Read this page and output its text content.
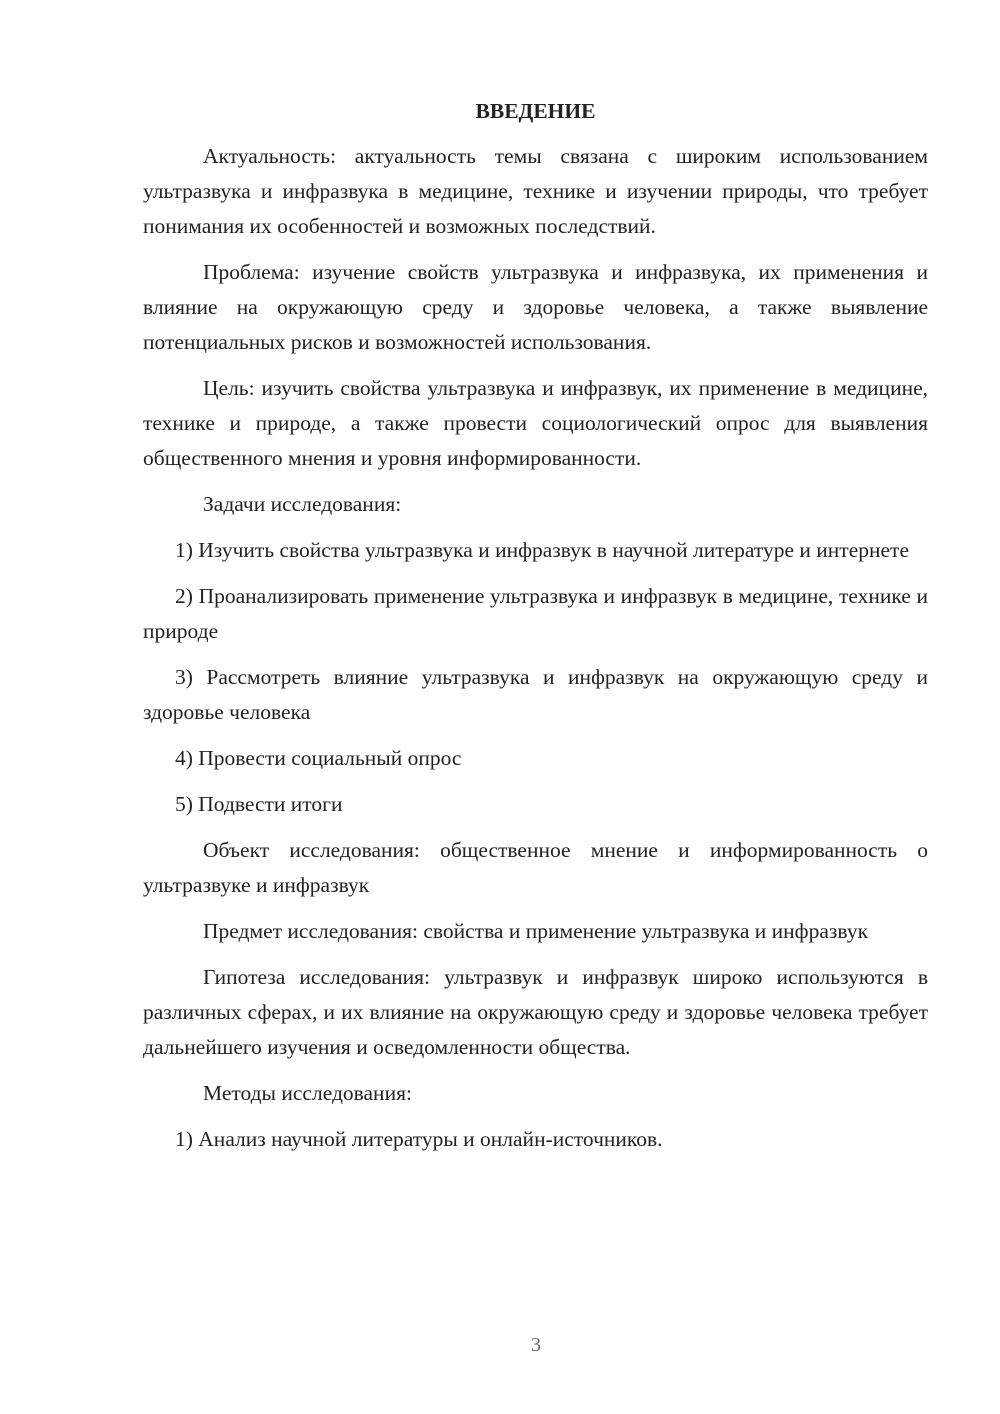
ВВЕДЕНИЕ

Актуальность: актуальность темы связана с широким использованием ультразвука и инфразвука в медицине, технике и изучении природы, что требует понимания их особенностей и возможных последствий.

Проблема: изучение свойств ультразвука и инфразвука, их применения и влияние на окружающую среду и здоровье человека, а также выявление потенциальных рисков и возможностей использования.

Цель: изучить свойства ультразвука и инфразвук, их применение в медицине, технике и природе, а также провести социологический опрос для выявления общественного мнения и уровня информированности.

Задачи исследования:

1) Изучить свойства ультразвука и инфразвук в научной литературе и интернете

2) Проанализировать применение ультразвука и инфразвук в медицине, технике и природе

3) Рассмотреть влияние ультразвука и инфразвук на окружающую среду и здоровье человека

4) Провести социальный опрос

5) Подвести итоги

Объект исследования: общественное мнение и информированность о ультразвуке и инфразвук

Предмет исследования: свойства и применение ультразвука и инфразвук

Гипотеза исследования: ультразвук и инфразвук широко используются в различных сферах, и их влияние на окружающую среду и здоровье человека требует дальнейшего изучения и осведомленности общества.

Методы исследования:

1) Анализ научной литературы и онлайн-источников.

3
